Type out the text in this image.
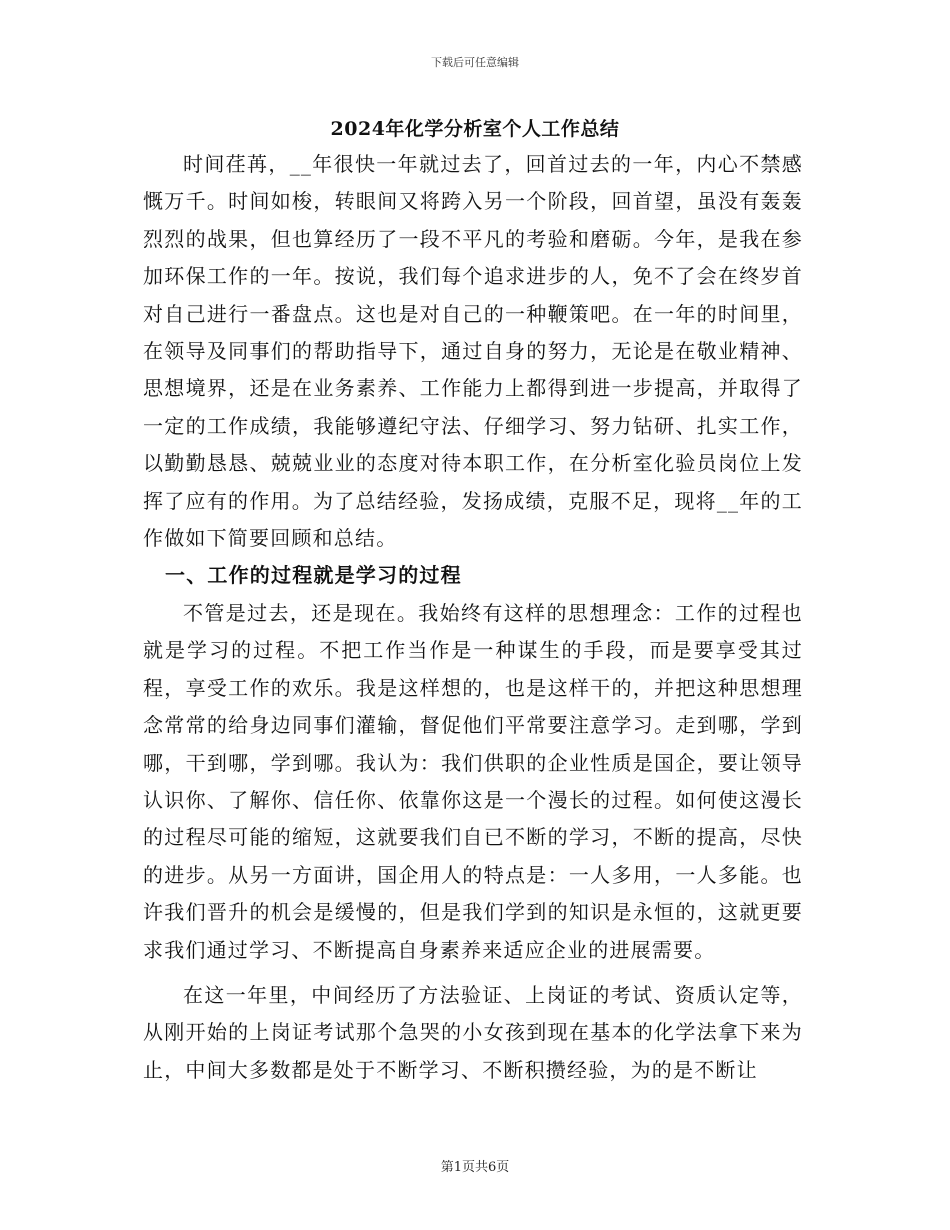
下载后可任意编辑
2024年化学分析室个人工作总结

时间荏苒，__年很快一年就过去了，回首过去的一年，内心不禁感慨万千。时间如梭，转眼间又将跨入另一个阶段，回首望，虽没有轰轰烈烈的战果，但也算经历了一段不平凡的考验和磨砺。今年，是我在参加环保工作的一年。按说，我们每个追求进步的人，免不了会在终岁首对自己进行一番盘点。这也是对自己的一种鞭策吧。在一年的时间里，在领导及同事们的帮助指导下，通过自身的努力，无论是在敬业精神、思想境界，还是在业务素养、工作能力上都得到进一步提高，并取得了一定的工作成绩，我能够遵纪守法、仔细学习、努力钻研、扎实工作，以勤勤恳恳、兢兢业业的态度对待本职工作，在分析室化验员岗位上发挥了应有的作用。为了总结经验，发扬成绩，克服不足，现将__年的工作做如下简要回顾和总结。

一、工作的过程就是学习的过程

不管是过去，还是现在。我始终有这样的思想理念：工作的过程也就是学习的过程。不把工作当作是一种谋生的手段，而是要享受其过程，享受工作的欢乐。我是这样想的，也是这样干的，并把这种思想理念常常的给身边同事们灌输，督促他们平常要注意学习。走到哪，学到哪，干到哪，学到哪。我认为：我们供职的企业性质是国企，要让领导认识你、了解你、信任你、依靠你这是一个漫长的过程。如何使这漫长的过程尽可能的缩短，这就要我们自已不断的学习，不断的提高，尽快的进步。从另一方面讲，国企用人的特点是：一人多用，一人多能。也许我们晋升的机会是缓慢的，但是我们学到的知识是永恒的，这就更要求我们通过学习、不断提高自身素养来适应企业的进展需要。

在这一年里，中间经历了方法验证、上岗证的考试、资质认定等，从刚开始的上岗证考试那个急哭的小女孩到现在基本的化学法拿下来为止，中间大多数都是处于不断学习、不断积攒经验，为的是不断让

第1页共6页
